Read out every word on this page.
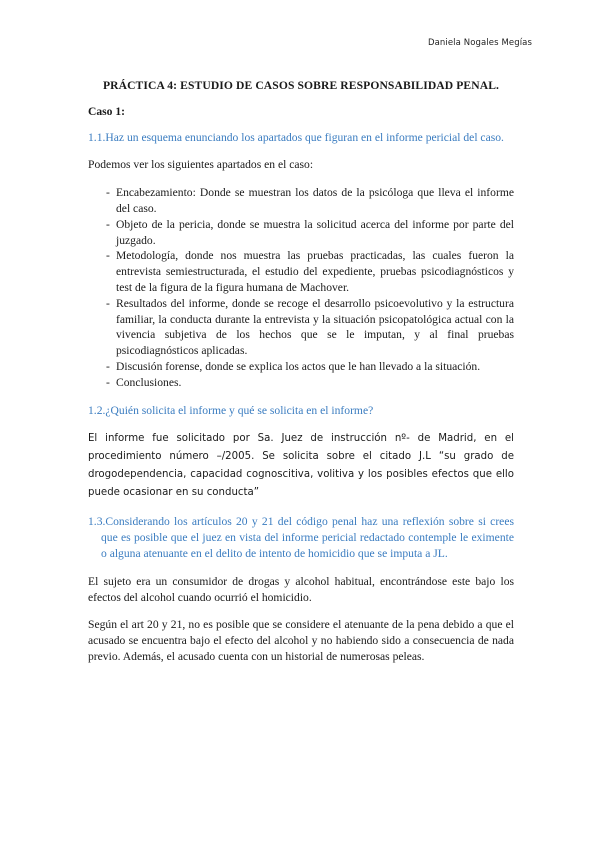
Daniela Nogales Megías
PRÁCTICA 4: ESTUDIO DE CASOS SOBRE RESPONSABILIDAD PENAL.
Caso 1:
1.1. Haz un esquema enunciando los apartados que figuran en el informe pericial del caso.

Podemos ver los siguientes apartados en el caso:

- Encabezamiento: Donde se muestran los datos de la psicóloga que lleva el informe del caso.
- Objeto de la pericia, donde se muestra la solicitud acerca del informe por parte del juzgado.
- Metodología, donde nos muestra las pruebas practicadas, las cuales fueron la entrevista semiestructurada, el estudio del expediente, pruebas psicodiagnósticos y test de la figura de la figura humana de Machover.
- Resultados del informe, donde se recoge el desarrollo psicoevolutivo y la estructura familiar, la conducta durante la entrevista y la situación psicopatológica actual con la vivencia subjetiva de los hechos que se le imputan, y al final pruebas psicodiagnósticos aplicadas.
- Discusión forense, donde se explica los actos que le han llevado a la situación.
- Conclusiones.
1.2. ¿Quién solicita el informe y qué se solicita en el informe?
El informe fue solicitado por Sa. Juez de instrucción nº- de Madrid, en el procedimiento número –/2005. Se solicita sobre el citado J.L “su grado de drogodependencia, capacidad cognoscitiva, volitiva y los posibles efectos que ello puede ocasionar en su conducta”
1.3.Considerando los artículos 20 y 21 del código penal haz una reflexión sobre si crees que es posible que el juez en vista del informe pericial redactado contemple le eximente o alguna atenuante en el delito de intento de homicidio que se imputa a JL.

El sujeto era un consumidor de drogas y alcohol habitual, encontrándose este bajo los efectos del alcohol cuando ocurrió el homicidio.

Según el art 20 y 21, no es posible que se considere el atenuante de la pena debido a que el acusado se encuentra bajo el efecto del alcohol y no habiendo sido a consecuencia de nada previo. Además, el acusado cuenta con un historial de numerosas peleas.
